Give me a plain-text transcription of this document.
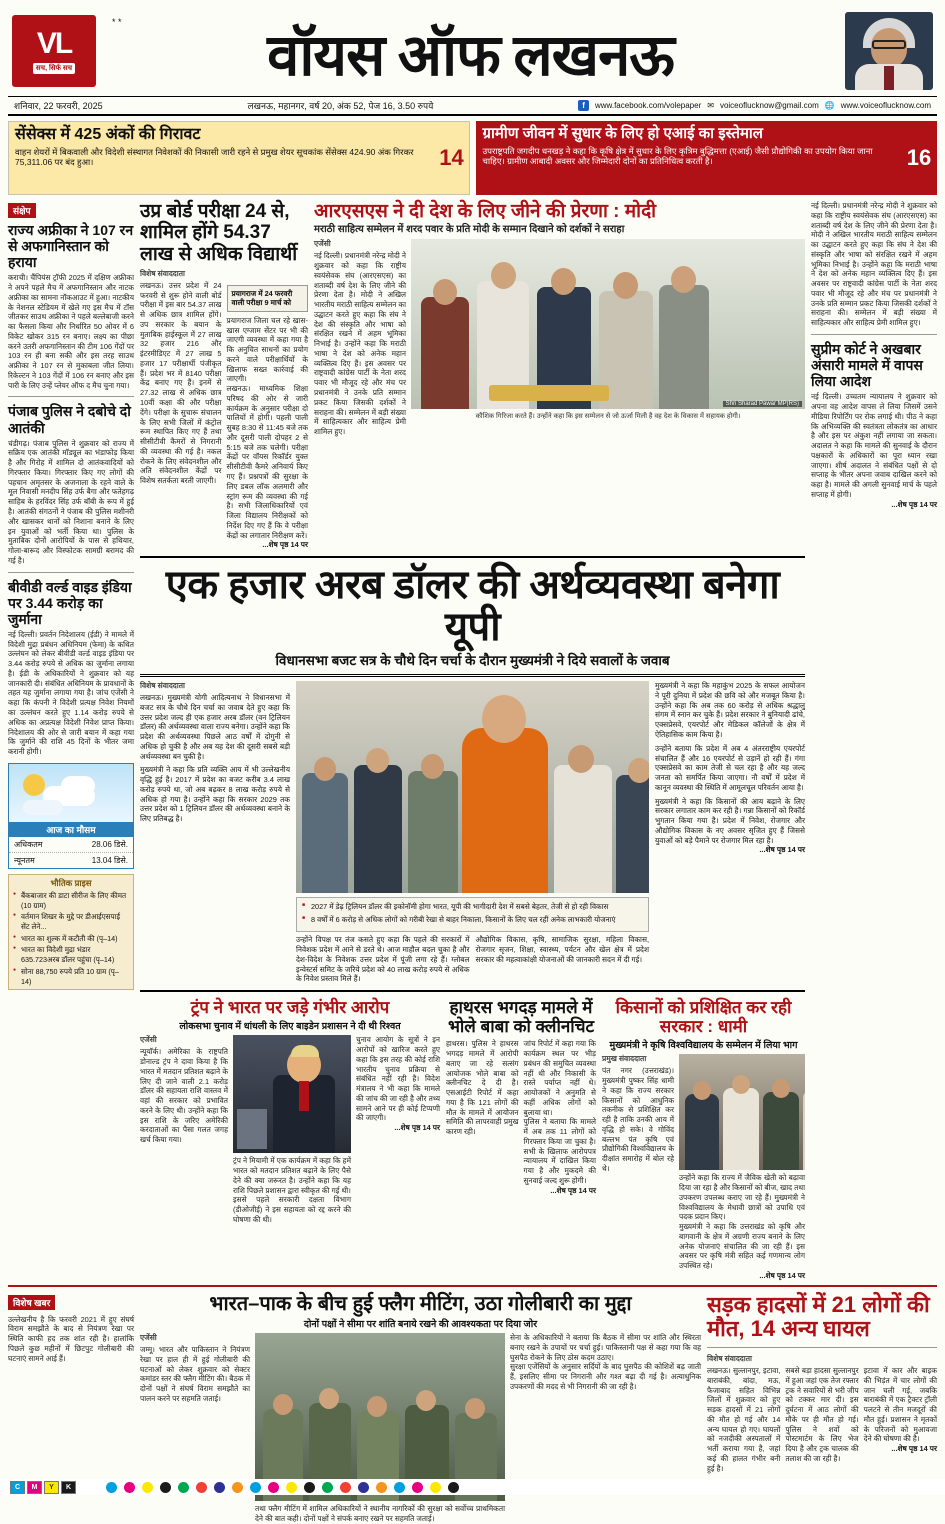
VL
सच, सिर्फ सच
* *
वॉयस ऑफ लखनऊ
शनिवार, 22 फरवरी, 2025	लखनऊ, महानगर, वर्ष 20, अंक 52, पेज 16, 3.50 रुपये	f	www.facebook.com/volepaper ✉ voiceoflucknow@gmail.com 🌐 www.voiceoflucknow.com
सेंसेक्स में 425 अंकों की गिरावट
वाहन शेयरों में बिकवाली और विदेशी संस्थागत निवेशकों की निकासी जारी रहने से प्रमुख शेयर सूचकांक सेंसेक्स 424.90 अंक गिरकर 75,311.06 पर बंद हुआ।	14
ग्रामीण जीवन में सुधार के लिए हो एआई का इस्तेमाल
उपराष्ट्रपति जगदीप धनखड़ ने कहा कि कृषि क्षेत्र में सुधार के लिए कृत्रिम बुद्धिमत्ता (एआई) जैसी प्रौद्योगिकी का उपयोग किया जाना चाहिए। ग्रामीण आबादी अवसर और जिम्मेदारी दोनों का प्रतिनिधित्व करती है।	16
संक्षेप
राज्य अफ्रीका ने 107 रन से अफगानिस्तान को हराया
कराची। चैंपियंस ट्रॉफी 2025 में दक्षिण अफ्रीका ने अपने पहले मैच में अफगानिस्तान और नाटक अफ्रीका का सामना नॉकआउट में हुआ। नाटकीय के नेशनल स्टेडियम में खेले गए इस मैच में टॉस जीतकर साउथ अफ्रीका ने पहले बल्लेबाजी करने का फैसला किया और निर्धारित 50 ओवर में 6 विकेट खोकर 315 रन बनाए। लक्ष्य का पीछा करने उतरी अफगानिस्तान की टीम 106 गेंदों पर 103 रन ही बना सकी और इस तरह साउथ अफ्रीका ने 107 रन से मुकाबला जीत लिया। रिकेल्टन ने 103 गेंदों में 106 रन बनाए और इस पारी के लिए उन्हें प्लेयर ऑफ द मैच चुना गया।
पंजाब पुलिस ने दबोचे दो आतंकी
चंडीगढ़। पंजाब पुलिस ने शुक्रवार को राज्य में सक्रिय एक आतंकी मॉड्यूल का भंडाफोड़ किया है और गिरोह में शामिल दो आतंकवादियों को गिरफ्तार किया। गिरफ्तार किए गए लोगों की पहचान अमृतसर के अजनाला के रहने वाले के मूल निवासी मनदीप सिंह उर्फ बैगा और फतेहगढ़ साहिब के हरविंदर सिंह उर्फ बॉबी के रूप में हुई है। आतंकी संगठनों ने पंजाब की पुलिस मशीनरी और खासकर थानों को निशाना बनाने के लिए इन युवाओं को भर्ती किया था। पुलिस के मुताबिक दोनों आरोपियों के पास से हथियार, गोला-बारूद और विस्फोटक सामग्री बरामद की गई है।
बीवीडी वर्ल्ड वाइड इंडिया पर 3.44 करोड़ का जुर्माना
नई दिल्ली। प्रवर्तन निदेशालय (ईडी) ने मामले में विदेशी मुद्रा प्रबंधन अधिनियम (फेमा) के कथित उल्लंघन को लेकर बीवीडी वर्ल्ड वाइड इंडिया पर 3.44 करोड़ रुपये से अधिक का जुर्माना लगाया है। ईडी के अधिकारियों ने शुक्रवार को यह जानकारी दी। संबंधित अधिनियम के प्रावधानों के तहत यह जुर्माना लगाया गया है। जांच एजेंसी ने कहा कि कंपनी ने विदेशी प्रत्यक्ष निवेश नियमों का उल्लंघन करते हुए 1.14 करोड़ रुपये से अधिक का अप्रत्यक्ष विदेशी निवेश प्राप्त किया। निदेशालय की ओर से जारी बयान में कहा गया कि जुर्माने की राशि 45 दिनों के भीतर जमा करानी होगी।
आज का मौसम
अधिकतम	28.06 डिसे.
न्यूनतम	13.04 डिसे.
भौतिक प्राइस
● बैंकबाजार की डाटा सीरीज के लिए कीमत (10 ग्राम)
● वर्तमान शिखर के मुद्दे पर डीआईएसपाई सेंट लेने...
● भारत का शुल्क में कटौती की (पृ–14)
● भारत का विदेशी मुद्रा भंडार 635.723अरब डॉलर पहुंचा (पृ–14)
● सोना 88,750 रुपये प्रति 10 ग्राम (पृ–14)
उप्र बोर्ड परीक्षा 24 से, शामिल होंगे 54.37 लाख से अधिक विद्यार्थी
विशेष संवाददाता
लखनऊ। उत्तर प्रदेश में 24 फरवरी से शुरू होने वाली बोर्ड परीक्षा में इस बार 54.37 लाख से अधिक छात्र शामिल होंगे। उप सरकार के बयान के मुताबिक हाईस्कूल में 27 लाख 32 हजार 216 और इंटरमीडिएट में 27 लाख 5 हजार 17 परीक्षार्थी पंजीकृत हैं। प्रदेश भर में 8140 परीक्षा केंद्र बनाए गए हैं। इनमें से 27.32 लाख से अधिक छात्र 10वीं कक्षा की और परीक्षा देंगे। परीक्षा के सुचारू संचालन के लिए सभी जिलों में कंट्रोल रूम स्थापित किए गए हैं तथा सीसीटीवी कैमरों से निगरानी की व्यवस्था की गई है। नकल रोकने के लिए संवेदनशील और अति संवेदनशील केंद्रों पर विशेष सतर्कता बरती जाएगी।
प्रयागराज में 24 फरवरी वाली परीक्षा 9 मार्च को
प्रयागराज जिला चल रहे खास-खास एग्जाम सेंटर पर भी की जाएगी व्यवस्था में कहा गया है कि अनुचित साधनों का प्रयोग करने वाले परीक्षार्थियों के खिलाफ सख्त कार्रवाई की जाएगी।
लखनऊ। माध्यमिक शिक्षा परिषद की ओर से जारी कार्यक्रम के अनुसार परीक्षा दो पालियों में होगी। पहली पाली सुबह 8:30 से 11:45 बजे तक और दूसरी पाली दोपहर 2 से 5:15 बजे तक चलेगी। परीक्षा केंद्रों पर वॉयस रिकॉर्डर युक्त सीसीटीवी कैमरे अनिवार्य किए गए हैं। प्रश्नपत्रों की सुरक्षा के लिए डबल लॉक अलमारी और स्ट्रांग रूम की व्यवस्था की गई है। सभी जिलाधिकारियों एवं जिला विद्यालय निरीक्षकों को निर्देश दिए गए हैं कि वे परीक्षा केंद्रों का लगातार निरीक्षण करें।
...शेष पृष्ठ 14 पर
आरएसएस ने दी देश के लिए जीने की प्रेरणा : मोदी
मराठी साहित्य सम्मेलन में शरद पवार के प्रति मोदी के सम्मान दिखाने को दर्शकों ने सराहा
एजेंसी
नई दिल्ली। प्रधानमंत्री नरेन्द्र मोदी ने शुक्रवार को कहा कि राष्ट्रीय स्वयंसेवक संघ (आरएसएस) का शताब्दी वर्ष देश के लिए जीने की प्रेरणा देता है। मोदी ने अखिल भारतीय मराठी साहित्य सम्मेलन का उद्घाटन करते हुए कहा कि संघ ने देश की संस्कृति और भाषा को संरक्षित रखने में अहम भूमिका निभाई है। उन्होंने कहा कि मराठी भाषा ने देश को अनेक महान व्यक्तित्व दिए हैं। इस अवसर पर राष्ट्रवादी कांग्रेस पार्टी के नेता शरद पवार भी मौजूद रहे और मंच पर प्रधानमंत्री ने उनके प्रति सम्मान प्रकट किया जिसकी दर्शकों ने सराहना की। सम्मेलन में बड़ी संख्या में साहित्यकार और साहित्य प्रेमी शामिल हुए।
Shri Sharad Pawar MP(RS)
कौशिक गिरिजा करते हैं। उन्होंने कहा कि इस सम्मेलन से जो ऊर्जा मिली है वह देश के विकास में सहायक होगी।
एक हजार अरब डॉलर की अर्थव्यवस्था बनेगा यूपी
विधानसभा बजट सत्र के चौथे दिन चर्चा के दौरान मुख्यमंत्री ने दिये सवालों के जवाब
विशेष संवाददाता
लखनऊ। मुख्यमंत्री योगी आदित्यनाथ ने विधानसभा में बजट सत्र के चौथे दिन चर्चा का जवाब देते हुए कहा कि उत्तर प्रदेश जल्द ही एक हजार अरब डॉलर (वन ट्रिलियन डॉलर) की अर्थव्यवस्था वाला राज्य बनेगा। उन्होंने कहा कि प्रदेश की अर्थव्यवस्था पिछले आठ वर्षों में दोगुनी से अधिक हो चुकी है और अब यह देश की दूसरी सबसे बड़ी अर्थव्यवस्था बन चुकी है।
मुख्यमंत्री ने कहा कि प्रति व्यक्ति आय में भी उल्लेखनीय वृद्धि हुई है। 2017 में प्रदेश का बजट करीब 3.4 लाख करोड़ रुपये था, जो अब बढ़कर 8 लाख करोड़ रुपये से अधिक हो गया है। उन्होंने कहा कि सरकार 2029 तक उत्तर प्रदेश को 1 ट्रिलियन डॉलर की अर्थव्यवस्था बनाने के लिए प्रतिबद्ध है।
■ 2027 में डेढ़ ट्रिलियन डॉलर की इकोनॉमी होगा भारत, यूपी की भागीदारी देश में सबसे बेहतर, तेजी से हो रही विकास
■ 8 वर्षों में 6 करोड़ से अधिक लोगों को गरीबी रेखा से बाहर निकाला, किसानों के लिए चल रहीं अनेक लाभकारी योजनाएं
उन्होंने विपक्ष पर तंज कसते हुए कहा कि पहले की सरकारों में निवेशक प्रदेश में आने से डरते थे। आज माहौल बदल चुका है और देश-विदेश के निवेशक उत्तर प्रदेश में पूंजी लगा रहे हैं। ग्लोबल इन्वेस्टर्स समिट के जरिये प्रदेश को 40 लाख करोड़ रुपये से अधिक के निवेश प्रस्ताव मिले हैं।
औद्योगिक विकास, कृषि, सामाजिक सुरक्षा, महिला विकास, रोजगार सृजन, शिक्षा, स्वास्थ्य, पर्यटन और खेल क्षेत्र में प्रदेश सरकार की महत्वाकांक्षी योजनाओं की जानकारी सदन में दी गई।
मुख्यमंत्री ने कहा कि महाकुंभ 2025 के सफल आयोजन ने पूरी दुनिया में प्रदेश की छवि को और मजबूत किया है। उन्होंने कहा कि अब तक 60 करोड़ से अधिक श्रद्धालु संगम में स्नान कर चुके हैं। प्रदेश सरकार ने बुनियादी ढांचे, एक्सप्रेसवे, एयरपोर्ट और मेडिकल कॉलेजों के क्षेत्र में ऐतिहासिक काम किया है।
उन्होंने बताया कि प्रदेश में अब 4 अंतरराष्ट्रीय एयरपोर्ट संचालित हैं और 16 एयरपोर्ट से उड़ानें हो रही हैं। गंगा एक्सप्रेसवे का काम तेजी से चल रहा है और यह जल्द जनता को समर्पित किया जाएगा। नौ वर्षों में प्रदेश में कानून व्यवस्था की स्थिति में आमूलचूल परिवर्तन आया है।
मुख्यमंत्री ने कहा कि किसानों की आय बढ़ाने के लिए सरकार लगातार काम कर रही है। गन्ना किसानों को रिकॉर्ड भुगतान किया गया है। प्रदेश में निवेश, रोजगार और औद्योगिक विकास के नए अवसर सृजित हुए हैं जिससे युवाओं को बड़े पैमाने पर रोजगार मिल रहा है।
...शेष पृष्ठ 14 पर
ट्रंप ने भारत पर जड़े गंभीर आरोप
लोकसभा चुनाव में धांधली के लिए बाइडेन प्रशासन ने दी थी रिश्वत
एजेंसी
न्यूयॉर्क। अमेरिका के राष्ट्रपति डोनाल्ड ट्रंप ने दावा किया है कि भारत में मतदान प्रतिशत बढ़ाने के लिए दी जाने वाली 2.1 करोड़ डॉलर की सहायता राशि वास्तव में वहां की सरकार को प्रभावित करने के लिए थी। उन्होंने कहा कि इस राशि के जरिए अमेरिकी करदाताओं का पैसा गलत जगह खर्च किया गया।
ट्रंप ने मियामी में एक कार्यक्रम में कहा कि हमें भारत को मतदान प्रतिशत बढ़ाने के लिए पैसे देने की क्या जरूरत है। उन्होंने कहा कि यह राशि पिछले प्रशासन द्वारा स्वीकृत की गई थी। इससे पहले सरकारी दक्षता विभाग (डीओजीई) ने इस सहायता को रद्द करने की घोषणा की थी।
चुनाव आयोग के सूत्रों ने इन आरोपों को खारिज करते हुए कहा कि इस तरह की कोई राशि भारतीय चुनाव प्रक्रिया से संबंधित नहीं रही है। विदेश मंत्रालय ने भी कहा कि मामले की जांच की जा रही है और तथ्य सामने आने पर ही कोई टिप्पणी की जाएगी।
...शेष पृष्ठ 14 पर
हाथरस भगदड़ मामले में भोले बाबा को क्लीनचिट
हाथरस। पुलिस ने हाथरस भगदड़ मामले में आरोपी बताए जा रहे सत्संग आयोजक भोले बाबा को क्लीनचिट दे दी है। एसआईटी रिपोर्ट में कहा गया है कि 121 लोगों की मौत के मामले में आयोजन समिति की लापरवाही प्रमुख कारण रही।
जांच रिपोर्ट में कहा गया कि कार्यक्रम स्थल पर भीड़ प्रबंधन की समुचित व्यवस्था नहीं थी और निकासी के रास्ते पर्याप्त नहीं थे। आयोजकों ने अनुमति से कहीं अधिक लोगों को बुलाया था।
पुलिस ने बताया कि मामले में अब तक 11 लोगों को गिरफ्तार किया जा चुका है। सभी के खिलाफ आरोपपत्र न्यायालय में दाखिल किया गया है और मुकदमे की सुनवाई जल्द शुरू होगी।
...शेष पृष्ठ 14 पर
किसानों को प्रशिक्षित कर रही सरकार : धामी
मुख्यमंत्री ने कृषि विश्वविद्यालय के सम्मेलन में लिया भाग
प्रमुख संवाददाता
पंत नगर (उत्तराखंड)। मुख्यमंत्री पुष्कर सिंह धामी ने कहा कि राज्य सरकार किसानों को आधुनिक तकनीक से प्रशिक्षित कर रही है ताकि उनकी आय में वृद्धि हो सके। वे गोविंद बल्लभ पंत कृषि एवं प्रौद्योगिकी विश्वविद्यालय के दीक्षांत समारोह में बोल रहे थे।
उन्होंने कहा कि राज्य में जैविक खेती को बढ़ावा दिया जा रहा है और किसानों को बीज, खाद तथा उपकरण उपलब्ध कराए जा रहे हैं। मुख्यमंत्री ने विश्वविद्यालय के मेधावी छात्रों को उपाधि एवं पदक प्रदान किए।
मुख्यमंत्री ने कहा कि उत्तराखंड को कृषि और बागवानी के क्षेत्र में अग्रणी राज्य बनाने के लिए अनेक योजनाएं संचालित की जा रही हैं। इस अवसर पर कृषि मंत्री सहित कई गणमान्य लोग उपस्थित रहे।
...शेष पृष्ठ 14 पर
नई दिल्ली। प्रधानमंत्री नरेन्द्र मोदी ने शुक्रवार को कहा कि राष्ट्रीय स्वयंसेवक संघ (आरएसएस) का शताब्दी वर्ष देश के लिए जीने की प्रेरणा देता है। मोदी ने अखिल भारतीय मराठी साहित्य सम्मेलन का उद्घाटन करते हुए कहा कि संघ ने देश की संस्कृति और भाषा को संरक्षित रखने में अहम भूमिका निभाई है। उन्होंने कहा कि मराठी भाषा ने देश को अनेक महान व्यक्तित्व दिए हैं। इस अवसर पर राष्ट्रवादी कांग्रेस पार्टी के नेता शरद पवार भी मौजूद रहे और मंच पर प्रधानमंत्री ने उनके प्रति सम्मान प्रकट किया जिसकी दर्शकों ने सराहना की। सम्मेलन में बड़ी संख्या में साहित्यकार और साहित्य प्रेमी शामिल हुए।
सुप्रीम कोर्ट ने अखबार अंसारी मामले में वापस लिया आदेश
नई दिल्ली। उच्चतम न्यायालय ने शुक्रवार को अपना वह आदेश वापस ले लिया जिसमें उसने मीडिया रिपोर्टिंग पर रोक लगाई थी। पीठ ने कहा कि अभिव्यक्ति की स्वतंत्रता लोकतंत्र का आधार है और इस पर अंकुश नहीं लगाया जा सकता। अदालत ने कहा कि मामले की सुनवाई के दौरान पक्षकारों के अधिकारों का पूरा ध्यान रखा जाएगा। शीर्ष अदालत ने संबंधित पक्षों से दो सप्ताह के भीतर अपना जवाब दाखिल करने को कहा है। मामले की अगली सुनवाई मार्च के पहले सप्ताह में होगी।
...शेष पृष्ठ 14 पर
विशेष खबर
उल्लेखनीय है कि फरवरी 2021 में हुए संघर्ष विराम समझौते के बाद से नियंत्रण रेखा पर स्थिति काफी हद तक शांत रही है। हालांकि पिछले कुछ महीनों में छिटपुट गोलीबारी की घटनाएं सामने आई हैं।
भारत–पाक के बीच हुई फ्लैग मीटिंग, उठा गोलीबारी का मुद्दा
दोनों पक्षों ने सीमा पर शांति बनाये रखने की आवश्यकता पर दिया जोर
एजेंसी
जम्मू। भारत और पाकिस्तान ने नियंत्रण रेखा पर हाल ही में हुई गोलीबारी की घटनाओं को लेकर शुक्रवार को सेक्टर कमांडर स्तर की फ्लैग मीटिंग की। बैठक में दोनों पक्षों ने संघर्ष विराम समझौते का पालन करने पर सहमति जताई।
तथा फ्लैग मीटिंग में शामिल अधिकारियों ने स्थानीय नागरिकों की सुरक्षा को सर्वोच्च प्राथमिकता देने की बात कही। दोनों पक्षों ने संपर्क बनाए रखने पर सहमति जताई।
सेना के अधिकारियों ने बताया कि बैठक में सीमा पर शांति और स्थिरता बनाए रखने के उपायों पर चर्चा हुई। पाकिस्तानी पक्ष से कहा गया कि वह घुसपैठ रोकने के लिए ठोस कदम उठाए।
सुरक्षा एजेंसियों के अनुसार सर्दियों के बाद घुसपैठ की कोशिशें बढ़ जाती हैं, इसलिए सीमा पर निगरानी और गश्त बढ़ा दी गई है। अत्याधुनिक उपकरणों की मदद से भी निगरानी की जा रही है।
सड़क हादसों में 21 लोगों की मौत, 14 अन्य घायल
विशेष संवाददाता
लखनऊ। सुल्तानपुर, इटावा, बाराबंकी, बांदा, मऊ, फैजाबाद सहित विभिन्न जिलों में शुक्रवार को हुए सड़क हादसों में 21 लोगों की मौत हो गई और 14 अन्य घायल हो गए। घायलों को नजदीकी अस्पतालों में भर्ती कराया गया है, जहां कई की हालत गंभीर बनी हुई है।
सबसे बड़ा हादसा सुल्तानपुर में हुआ जहां एक तेज रफ्तार ट्रक ने सवारियों से भरी जीप को टक्कर मार दी। इस दुर्घटना में आठ लोगों की मौके पर ही मौत हो गई। पुलिस ने शवों को पोस्टमार्टम के लिए भेज दिया है और ट्रक चालक की तलाश की जा रही है।
इटावा में कार और बाइक की भिड़ंत में चार लोगों की जान चली गई, जबकि बाराबंकी में एक ट्रैक्टर ट्रॉली पलटने से तीन मजदूरों की मौत हुई। प्रशासन ने मृतकों के परिजनों को मुआवजा देने की घोषणा की है।
...शेष पृष्ठ 14 पर
C	M	Y	K
